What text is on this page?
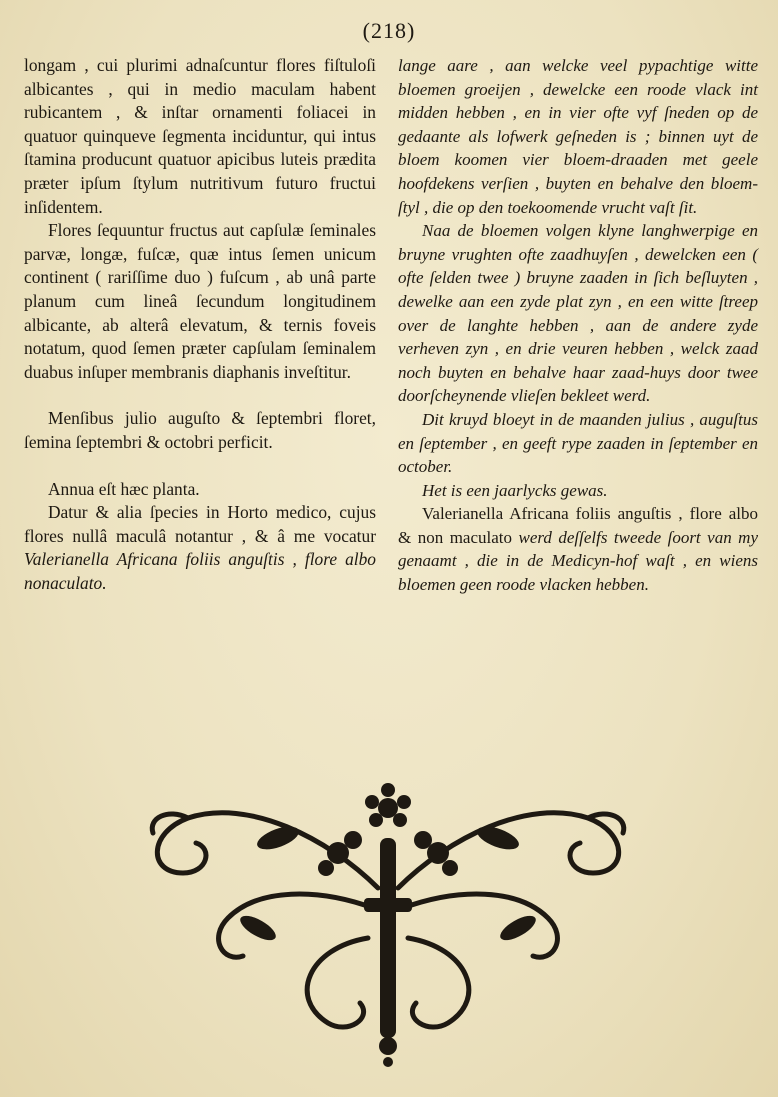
(218)

longam , cui plurimi adnaſcuntur flores fiſtuloſi albicantes , qui in medio maculam habent rubicantem , & inſtar ornamenti foliacei in quatuor quinqueve ſegmenta inciduntur, qui intus ſtamina producunt quatuor apicibus luteis prædita præter ipſum ſtylum nutritivum futuro fructui inſidentem.

Flores ſequuntur fructus aut capſulæ ſeminales parvæ, longæ, fuſcæ, quæ intus ſemen unicum continent ( rariſſime duo ) fuſcum , ab unâ parte planum cum lineâ ſecundum longitudinem albicante, ab alterâ elevatum, & ternis foveis notatum, quod ſemen præter capſulam ſeminalem duabus inſuper membranis diaphanis inveſtitur.

Menſibus julio auguſto & ſeptembri floret, ſemina ſeptembri & octobri perficit.

Annua eſt hæc planta.

Datur & alia ſpecies in Horto medico, cujus flores nullâ maculâ notantur , & â me vocatur Valerianella Africana foliis anguſtis , flore albo nonaculato.

lange aare , aan welcke veel pypachtige witte bloemen groeijen , dewelcke een roode vlack int midden hebben , en in vier ofte vyf ſneden op de gedaante als lofwerk geſneden is ; binnen uyt de bloem koomen vier bloem-draaden met geele hoofdekens verſien , buyten en behalve den bloem-ſtyl , die op den toekoomende vrucht vaſt ſit.

Naa de bloemen volgen klyne langhwerpige en bruyne vrughten ofte zaadhuyſen , dewelcken een ( ofte ſelden twee ) bruyne zaaden in ſich beſluyten , dewelke aan een zyde plat zyn , en een witte ſtreep over de langhte hebben , aan de andere zyde verheven zyn , en drie veuren hebben , welck zaad noch buyten en behalve haar zaad-huys door twee doorſcheynende vlieſen bekleet werd.

Dit kruyd bloeyt in de maanden julius , auguſtus en ſeptember , en geeft rype zaaden in ſeptember en october.

Het is een jaarlycks gewas.

Valerianella Africana foliis anguſtis , flore albo & non maculato werd deſſelfs tweede ſoort van my genaamt , die in de Medicyn-hof waſt , en wiens bloemen geen roode vlacken hebben.
